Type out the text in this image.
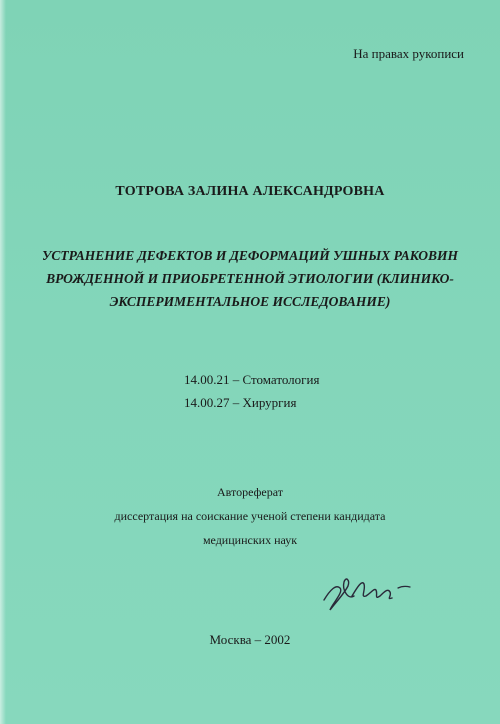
На правах рукописи
ТОТРОВА ЗАЛИНА АЛЕКСАНДРОВНА
УСТРАНЕНИЕ ДЕФЕКТОВ И ДЕФОРМАЦИЙ УШНЫХ РАКОВИН
ВРОЖДЕННОЙ И ПРИОБРЕТЕННОЙ ЭТИОЛОГИИ (КЛИНИКО-
ЭКСПЕРИМЕНТАЛЬНОЕ ИССЛЕДОВАНИЕ)
14.00.21 – Стоматология
14.00.27 – Хирургия
Автореферат
диссертация на соискание ученой степени кандидата
медицинских наук
Москва – 2002
